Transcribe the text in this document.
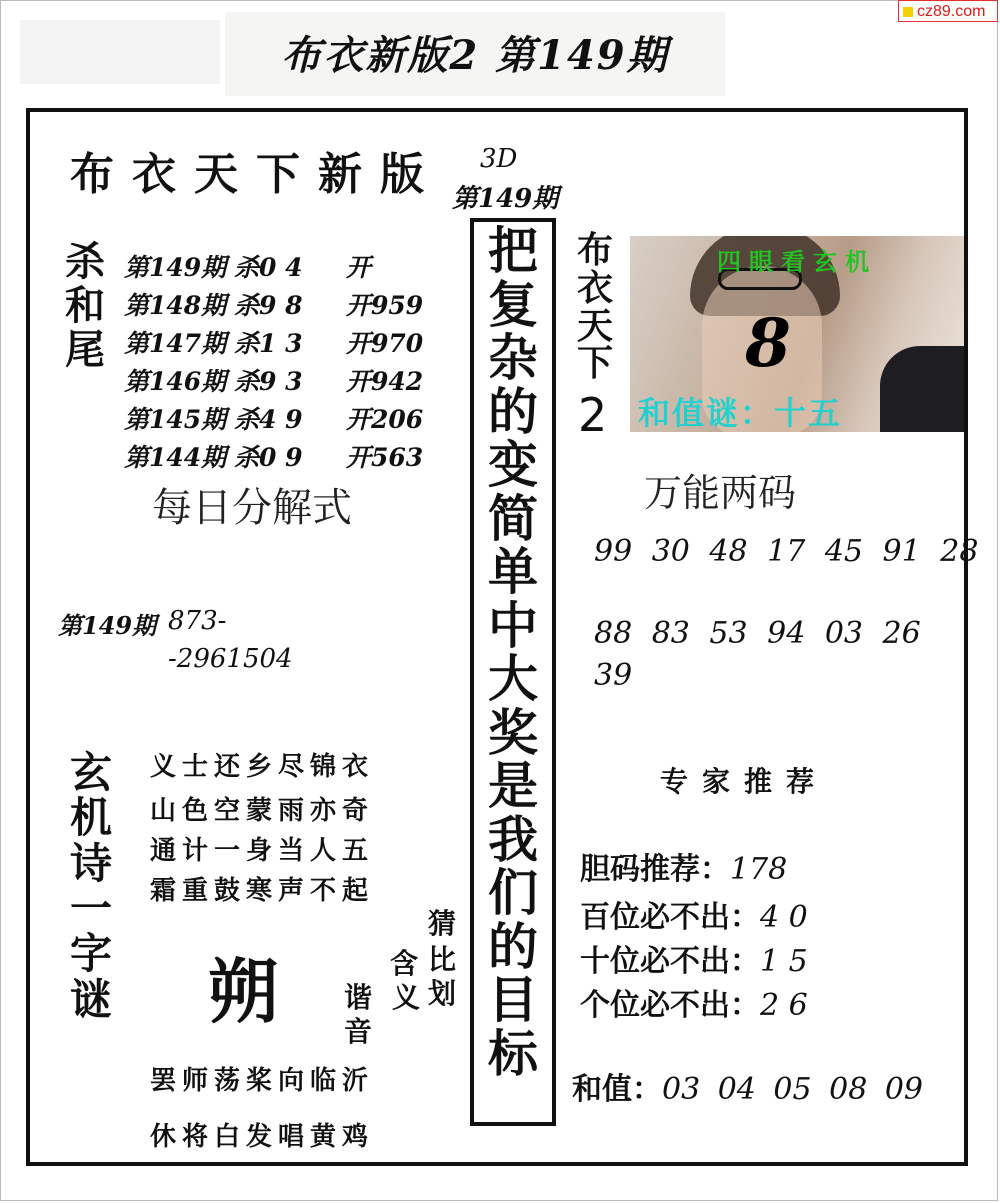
布衣新版2 第149期
cz89.com
布衣天下新版 3D
第149期
杀
和
尾
第149期 杀0 4 开
第148期 杀9 8 开959
第147期 杀1 3 开970
第146期 杀9 3 开942
第145期 杀4 9 开206
第144期 杀0 9 开563
每日分解式
第149期 873-
-2961504
玄
机
诗
一
字
谜
义士还乡尽锦衣
山色空蒙雨亦奇
通计一身当人五
霜重鼓寒声不起
朔
猜
比
划
含
义
谐
音
罢师荡桨向临沂
休将白发唱黄鸡
把复杂的变简单中大奖是我们的目标
布
衣
天
下
2
四眼看玄机
8
和值谜：十五
万能两码
99 30 48 17 45 91 28
88 83 53 94 03 26
39
专家推荐
胆码推荐：178
百位必不出：4 0
十位必不出：1 5
个位必不出：2 6
和值：03 04 05 08 09
